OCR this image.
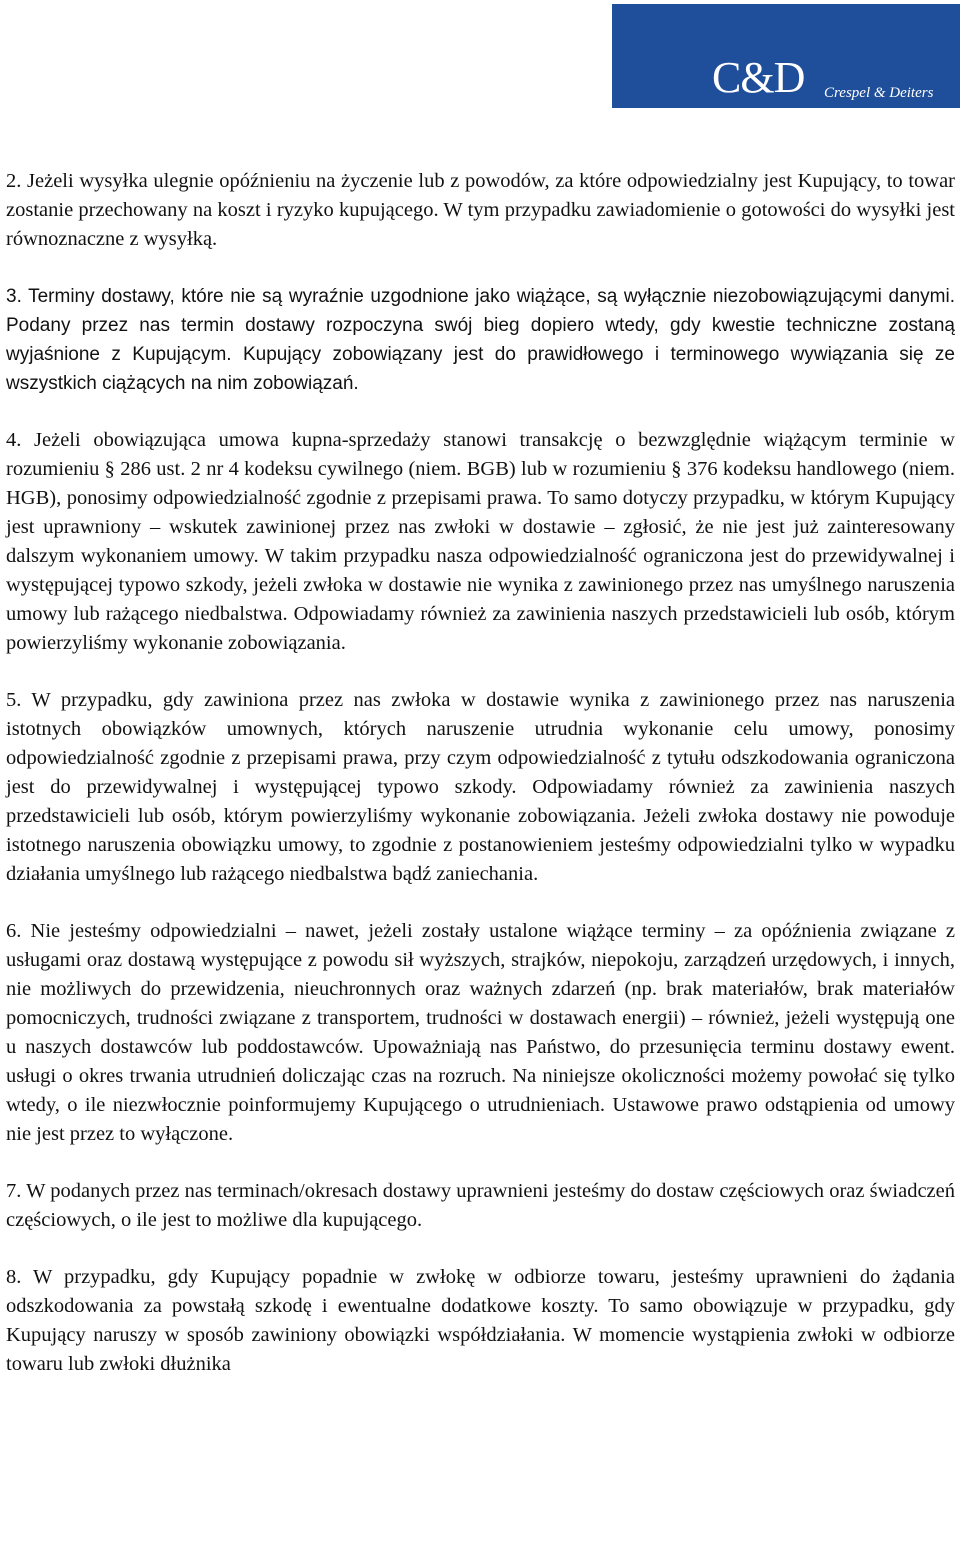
C&D Crespel & Deiters

2. Jeżeli wysyłka ulegnie opóźnieniu na życzenie lub z powodów, za które odpowiedzialny jest Kupujący, to towar zostanie przechowany na koszt i ryzyko kupującego. W tym przypadku zawiadomienie o gotowości do wysyłki jest równoznaczne z wysyłką.

3. Terminy dostawy, które nie są wyraźnie uzgodnione jako wiążące, są wyłącznie niezobowiązującymi danymi. Podany przez nas termin dostawy rozpoczyna swój bieg dopiero wtedy, gdy kwestie techniczne zostaną wyjaśnione z Kupującym. Kupujący zobowiązany jest do prawidłowego i terminowego wywiązania się ze wszystkich ciążących na nim zobowiązań.

4. Jeżeli obowiązująca umowa kupna-sprzedaży stanowi transakcję o bezwzględnie wiążącym terminie w rozumieniu § 286 ust. 2 nr 4 kodeksu cywilnego (niem. BGB) lub w rozumieniu § 376 kodeksu handlowego (niem. HGB), ponosimy odpowiedzialność zgodnie z przepisami prawa. To samo dotyczy przypadku, w którym Kupujący jest uprawniony – wskutek zawinionej przez nas zwłoki w dostawie – zgłosić, że nie jest już zainteresowany dalszym wykonaniem umowy. W takim przypadku nasza odpowiedzialność ograniczona jest do przewidywalnej i występującej typowo szkody, jeżeli zwłoka w dostawie nie wynika z zawinionego przez nas umyślnego naruszenia umowy lub rażącego niedbalstwa. Odpowiadamy również za zawinienia naszych przedstawicieli lub osób, którym powierzyliśmy wykonanie zobowiązania.

5. W przypadku, gdy zawiniona przez nas zwłoka w dostawie wynika z zawinionego przez nas naruszenia istotnych obowiązków umownych, których naruszenie utrudnia wykonanie celu umowy, ponosimy odpowiedzialność zgodnie z przepisami prawa, przy czym odpowiedzialność z tytułu odszkodowania ograniczona jest do przewidywalnej i występującej typowo szkody. Odpowiadamy również za zawinienia naszych przedstawicieli lub osób, którym powierzyliśmy wykonanie zobowiązania. Jeżeli zwłoka dostawy nie powoduje istotnego naruszenia obowiązku umowy, to zgodnie z postanowieniem jesteśmy odpowiedzialni tylko w wypadku działania umyślnego lub rażącego niedbalstwa bądź zaniechania.

6. Nie jesteśmy odpowiedzialni – nawet, jeżeli zostały ustalone wiążące terminy – za opóźnienia związane z usługami oraz dostawą występujące z powodu sił wyższych, strajków, niepokoju, zarządzeń urzędowych, i innych, nie możliwych do przewidzenia, nieuchronnych oraz ważnych zdarzeń (np. brak materiałów, brak materiałów pomocniczych, trudności związane z transportem, trudności w dostawach energii) – również, jeżeli występują one u naszych dostawców lub poddostawców. Upoważniają nas Państwo, do przesunięcia terminu dostawy ewent. usługi o okres trwania utrudnień doliczając czas na rozruch. Na niniejsze okoliczności możemy powołać się tylko wtedy, o ile niezwłocznie poinformujemy Kupującego o utrudnieniach. Ustawowe prawo odstąpienia od umowy nie jest przez to wyłączone.

7. W podanych przez nas terminach/okresach dostawy uprawnieni jesteśmy do dostaw częściowych oraz świadczeń częściowych, o ile jest to możliwe dla kupującego.

8. W przypadku, gdy Kupujący popadnie w zwłokę w odbiorze towaru, jesteśmy uprawnieni do żądania odszkodowania za powstałą szkodę i ewentualne dodatkowe koszty. To samo obowiązuje w przypadku, gdy Kupujący naruszy w sposób zawiniony obowiązki współdziałania. W momencie wystąpienia zwłoki w odbiorze towaru lub zwłoki dłużnika
